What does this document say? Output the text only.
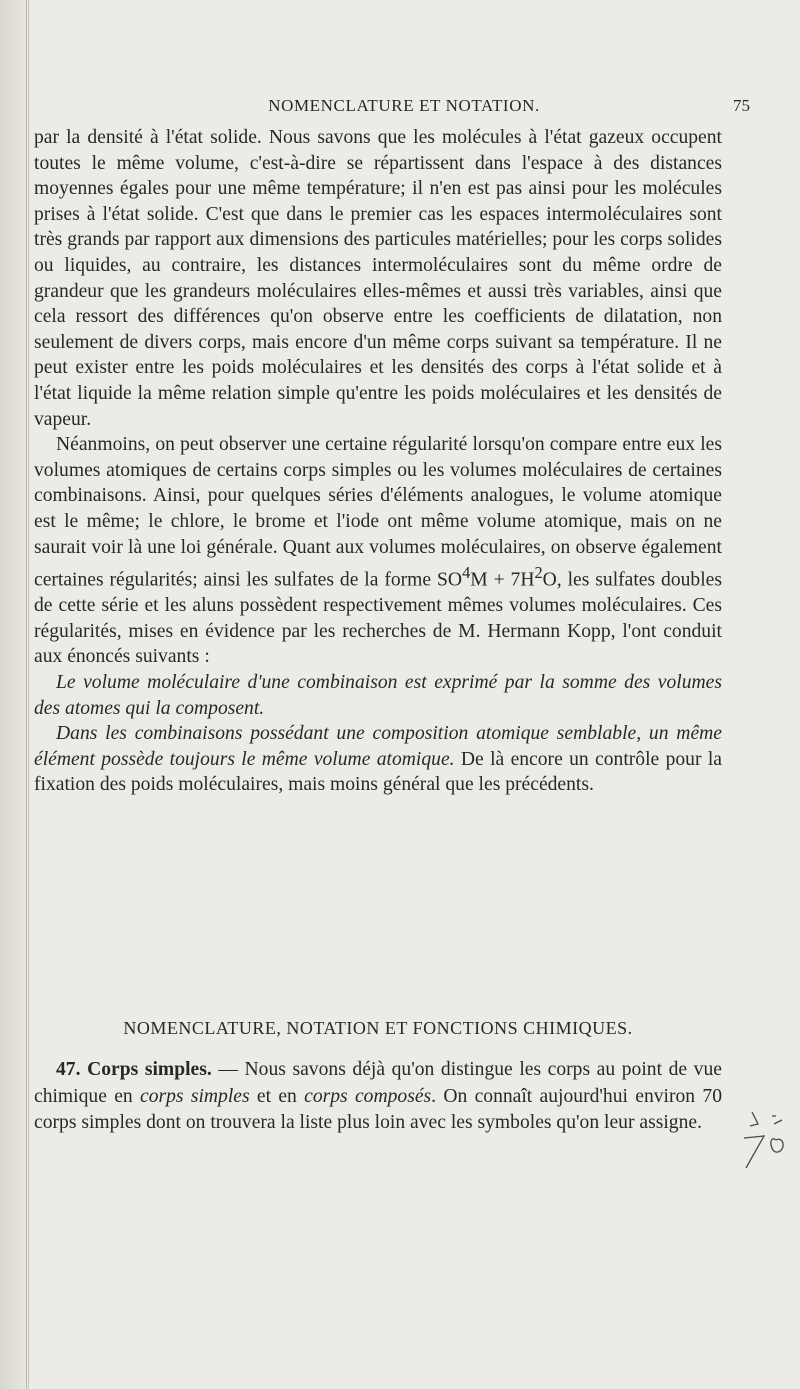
NOMENCLATURE ET NOTATION.	75

par la densité à l'état solide. Nous savons que les molécules à l'état gazeux occupent toutes le même volume, c'est-à-dire se répartissent dans l'espace à des distances moyennes égales pour une même température; il n'en est pas ainsi pour les molécules prises à l'état solide. C'est que dans le premier cas les espaces intermoléculaires sont très grands par rapport aux dimensions des particules matérielles; pour les corps solides ou liquides, au contraire, les distances intermoléculaires sont du même ordre de grandeur que les grandeurs moléculaires elles-mêmes et aussi très variables, ainsi que cela ressort des différences qu'on observe entre les coefficients de dilatation, non seulement de divers corps, mais encore d'un même corps suivant sa température. Il ne peut exister entre les poids moléculaires et les densités des corps à l'état solide et à l'état liquide la même relation simple qu'entre les poids moléculaires et les densités de vapeur.

Néanmoins, on peut observer une certaine régularité lorsqu'on compare entre eux les volumes atomiques de certains corps simples ou les volumes moléculaires de certaines combinaisons. Ainsi, pour quelques séries d'éléments analogues, le volume atomique est le même; le chlore, le brome et l'iode ont même volume atomique, mais on ne saurait voir là une loi générale. Quant aux volumes moléculaires, on observe également certaines régularités; ainsi les sulfates de la forme $SO^4M + 7H^2O$, les sulfates doubles de cette série et les aluns possèdent respectivement mêmes volumes moléculaires. Ces régularités, mises en évidence par les recherches de M. Hermann Kopp, l'ont conduit aux énoncés suivants :

Le volume moléculaire d'une combinaison est exprimé par la somme des volumes des atomes qui la composent.

Dans les combinaisons possédant une composition atomique semblable, un même élément possède toujours le même volume atomique. De là encore un contrôle pour la fixation des poids moléculaires, mais moins général que les précédents.

NOMENCLATURE, NOTATION ET FONCTIONS CHIMIQUES.

47. Corps simples. — Nous savons déjà qu'on distingue les corps au point de vue chimique en corps simples et en corps composés. On connaît aujourd'hui environ 70 corps simples dont on trouvera la liste plus loin avec les symboles qu'on leur assigne.
